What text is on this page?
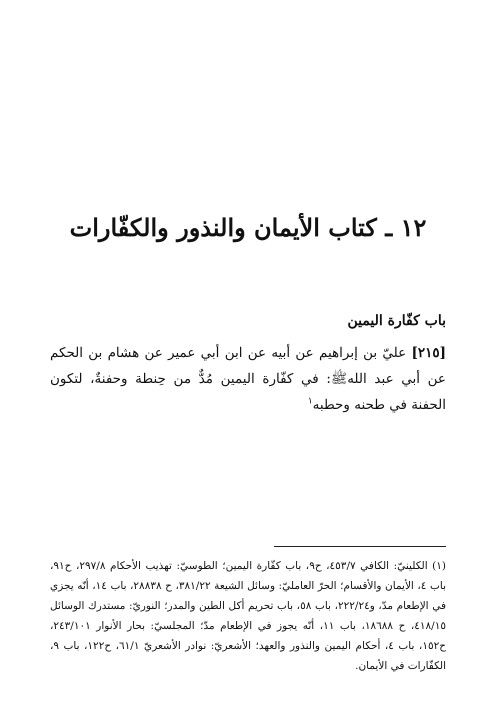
١٢ ـ كتاب الأيمان والنذور والكفّارات
باب كفّارة اليمين

[٢١٥] عليّ بن إبراهيم عن أبيه عن ابن أبي عمير عن هشام بن الحكم عن أبي عبد اللهﷺ: في كفّارة اليمين مُدٌّ من حِنطة وحفنةٌ، لتكون الحفنة في طحنه وحطبه$^١$

(١) الكلينيّ: الكافي ٤٥٣/٧، ح٩، باب كفّارة اليمين؛ الطوسيّ: تهذيب الأحكام ٢٩٧/٨، ح٩١، باب ٤، الأيمان والأقسام؛ الحرّ العامليّ: وسائل الشيعة ٣٨١/٢٢، ح ٢٨٨٣٨، باب ١٤، أنّه يجزي في الإطعام مدّ، و٢٢٢/٢٤، باب ٥٨، باب تحريم أكل الطين والمدر؛ النوريّ: مستدرك الوسائل ٤١٨/١٥، ح ١٨٦٨٨، باب ١١، أنّه يجوز في الإطعام مدّ؛ المجلسيّ: بحار الأنوار ٢٤٣/١٠١، ح١٥٢، باب ٤، أحكام اليمين والنذور والعهد؛ الأشعريّ: نوادر الأشعريّ ٦١/١، ح١٢٢، باب ٩، الكفّارات في الأيمان.
